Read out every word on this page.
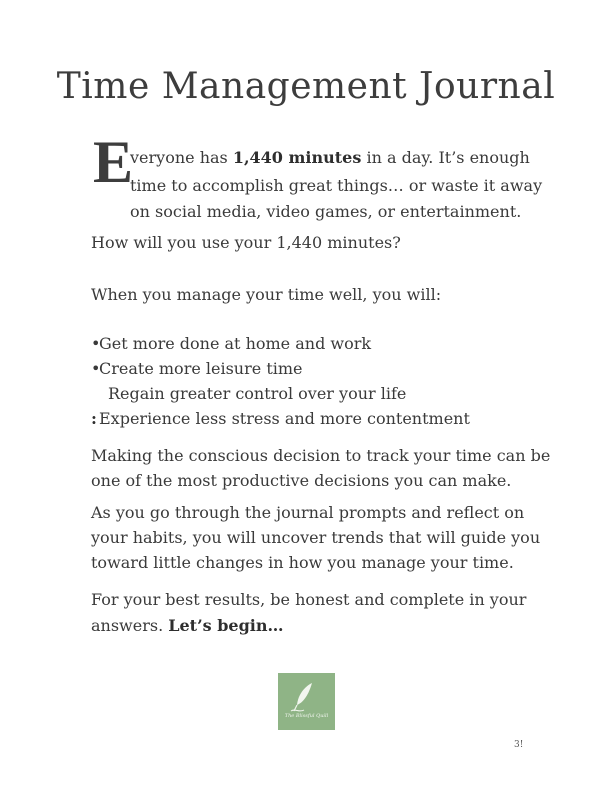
Time Management Journal
E
veryone has 1,440 minutes in a day. It’s enough
time to accomplish great things… or waste it away
on social media, video games, or entertainment.
How will you use your 1,440 minutes?
When you manage your time well, you will:
•Get more done at home and work
•Create more leisure time
Regain greater control over your life
: Experience less stress and more contentment
Making the conscious decision to track your time can be
one of the most productive decisions you can make.
As you go through the journal prompts and reflect on
your habits, you will uncover trends that will guide you
toward little changes in how you manage your time.
For your best results, be honest and complete in your
answers. Let’s begin…
The Blissful Quill
3!
